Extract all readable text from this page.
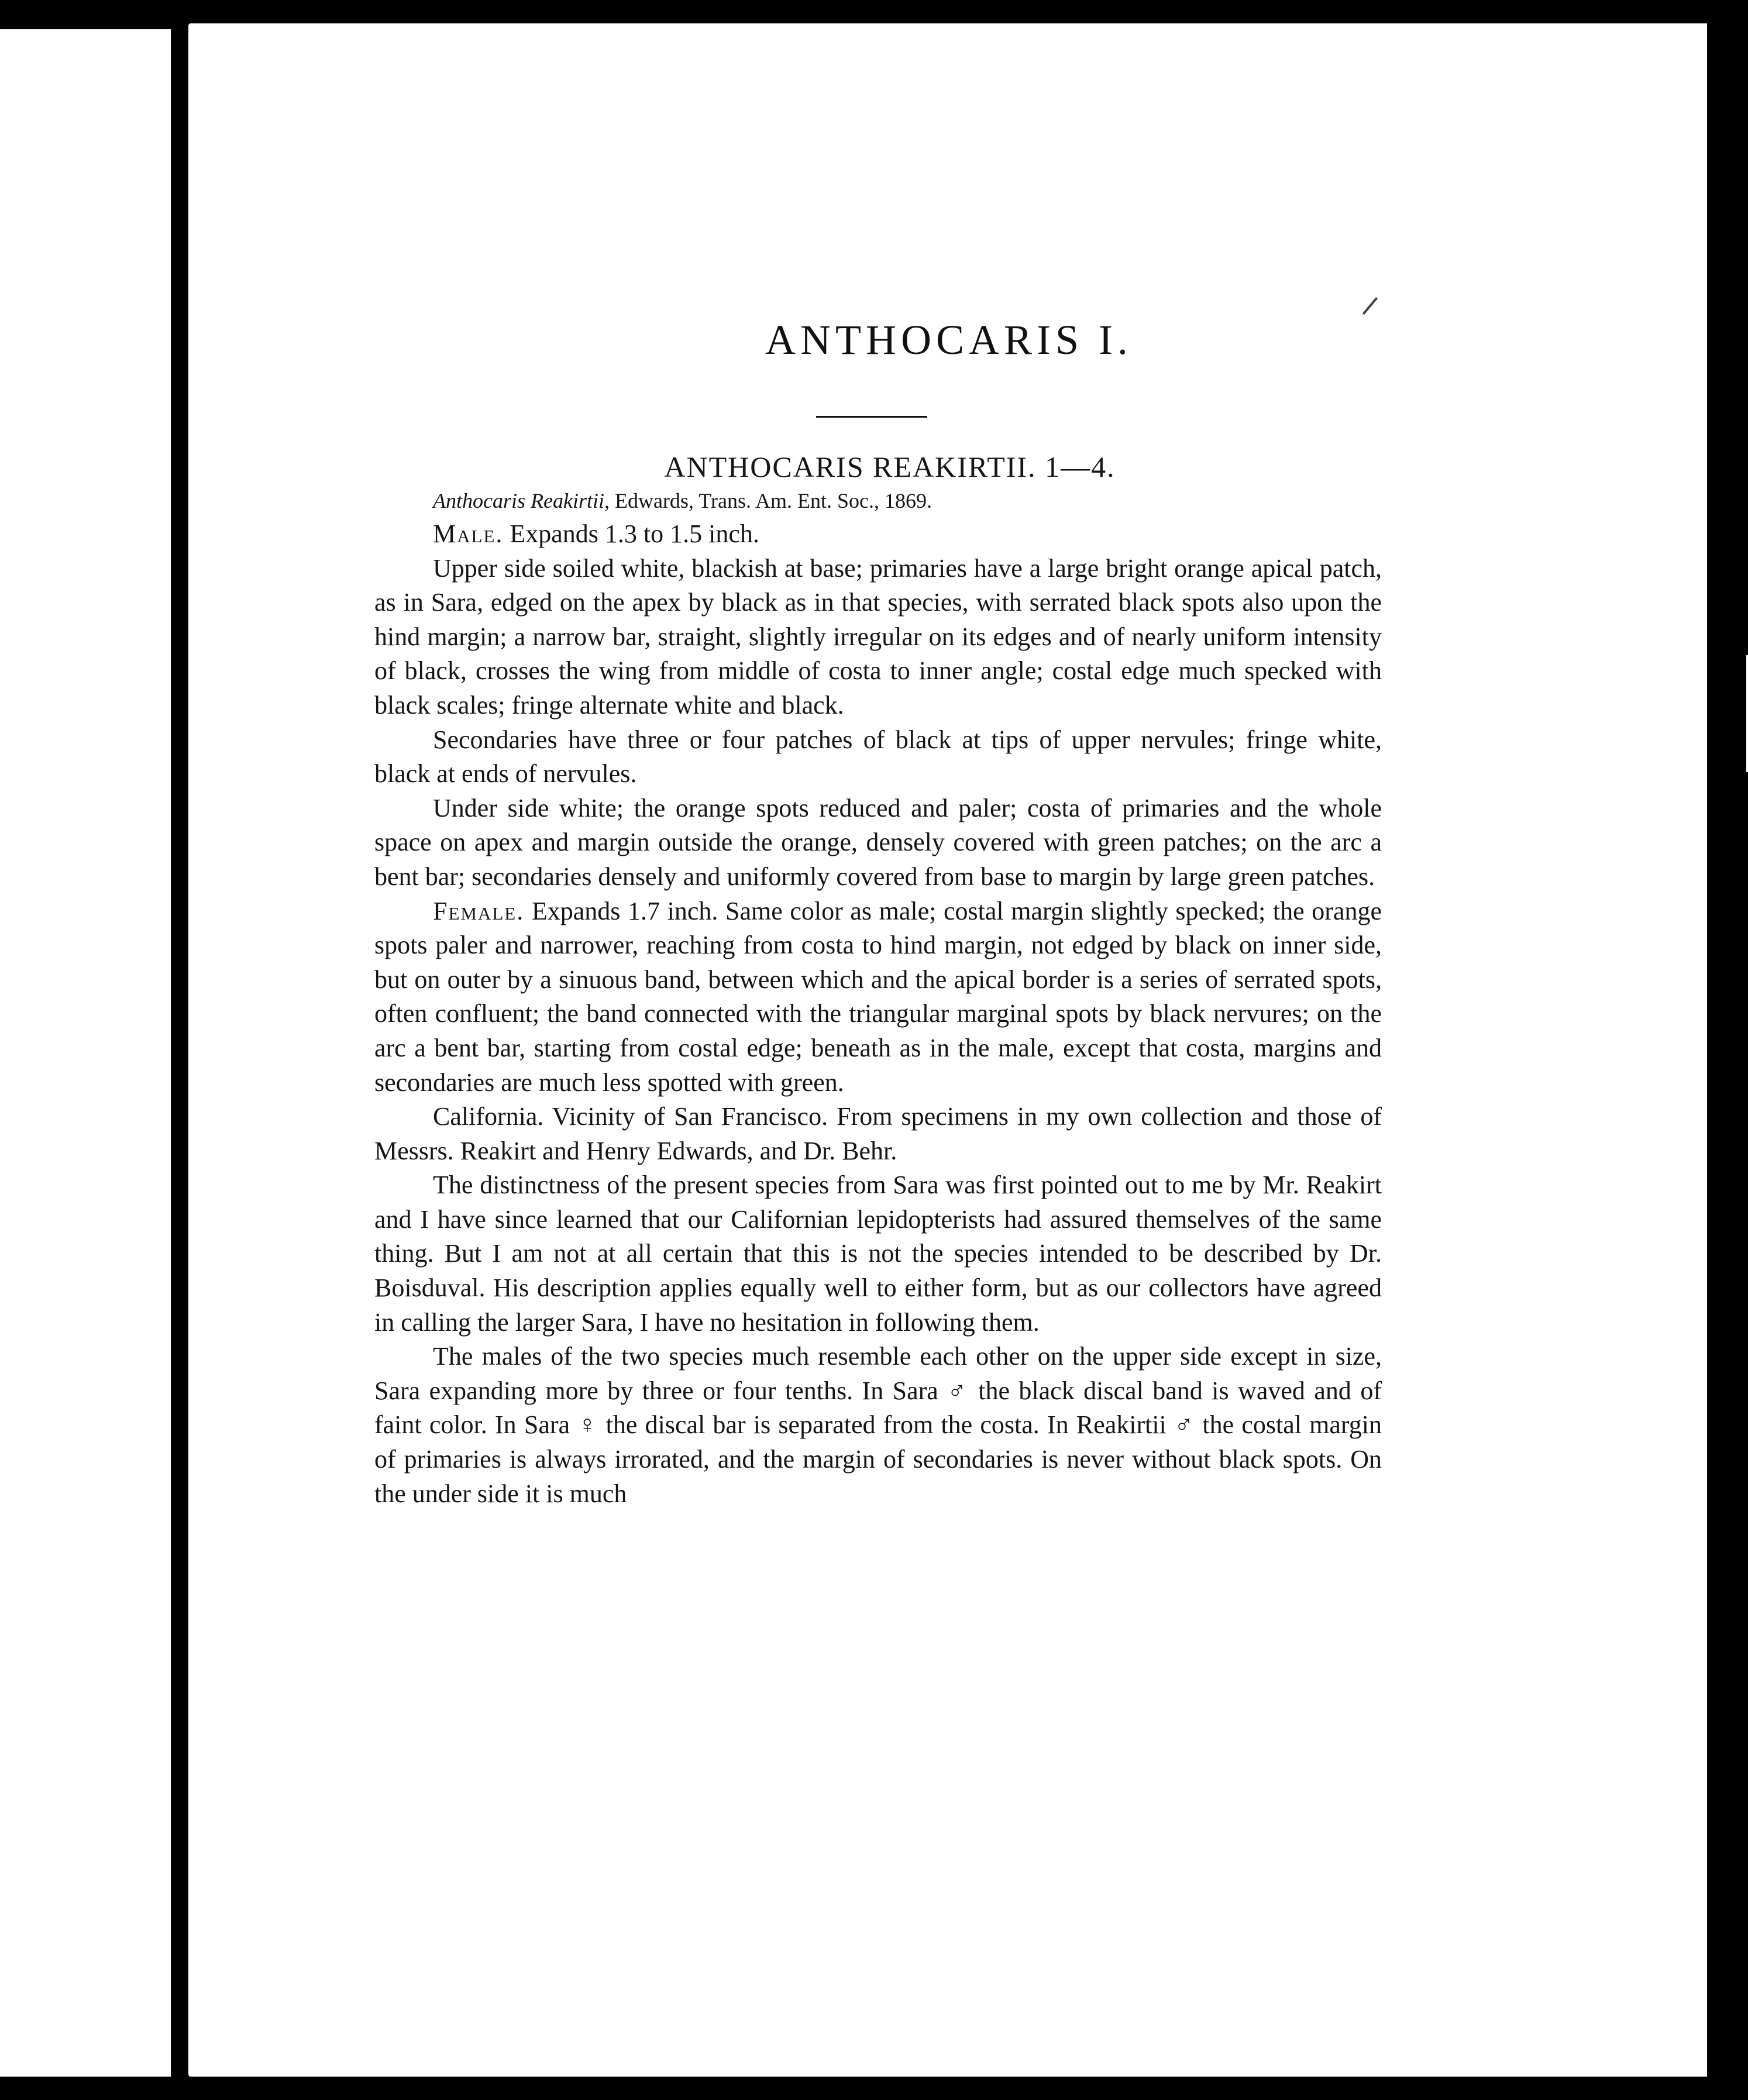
ANTHOCARIS I.
ANTHOCARIS REAKIRTII. 1—4.

Anthocaris Reakirtii, Edwards, Trans. Am. Ent. Soc., 1869.

Male. Expands 1.3 to 1.5 inch.

Upper side soiled white, blackish at base; primaries have a large bright orange apical patch, as in Sara, edged on the apex by black as in that species, with serrated black spots also upon the hind margin; a narrow bar, straight, slightly irregular on its edges and of nearly uniform intensity of black, crosses the wing from middle of costa to inner angle; costal edge much specked with black scales; fringe alternate white and black.

Secondaries have three or four patches of black at tips of upper nervules; fringe white, black at ends of nervules.

Under side white; the orange spots reduced and paler; costa of primaries and the whole space on apex and margin outside the orange, densely covered with green patches; on the arc a bent bar; secondaries densely and uniformly covered from base to margin by large green patches.

Female. Expands 1.7 inch. Same color as male; costal margin slightly specked; the orange spots paler and narrower, reaching from costa to hind margin, not edged by black on inner side, but on outer by a sinuous band, between which and the apical border is a series of serrated spots, often confluent; the band connected with the triangular marginal spots by black nervures; on the arc a bent bar, starting from costal edge; beneath as in the male, except that costa, margins and secondaries are much less spotted with green.

California. Vicinity of San Francisco. From specimens in my own collection and those of Messrs. Reakirt and Henry Edwards, and Dr. Behr.

The distinctness of the present species from Sara was first pointed out to me by Mr. Reakirt and I have since learned that our Californian lepidopterists had assured themselves of the same thing. But I am not at all certain that this is not the species intended to be described by Dr. Boisduval. His description applies equally well to either form, but as our collectors have agreed in calling the larger Sara, I have no hesitation in following them.

The males of the two species much resemble each other on the upper side except in size, Sara expanding more by three or four tenths. In Sara ♂ the black discal band is waved and of faint color. In Sara ♀ the discal bar is separated from the costa. In Reakirtii ♂ the costal margin of primaries is always irrorated, and the margin of secondaries is never without black spots. On the under side it is much
